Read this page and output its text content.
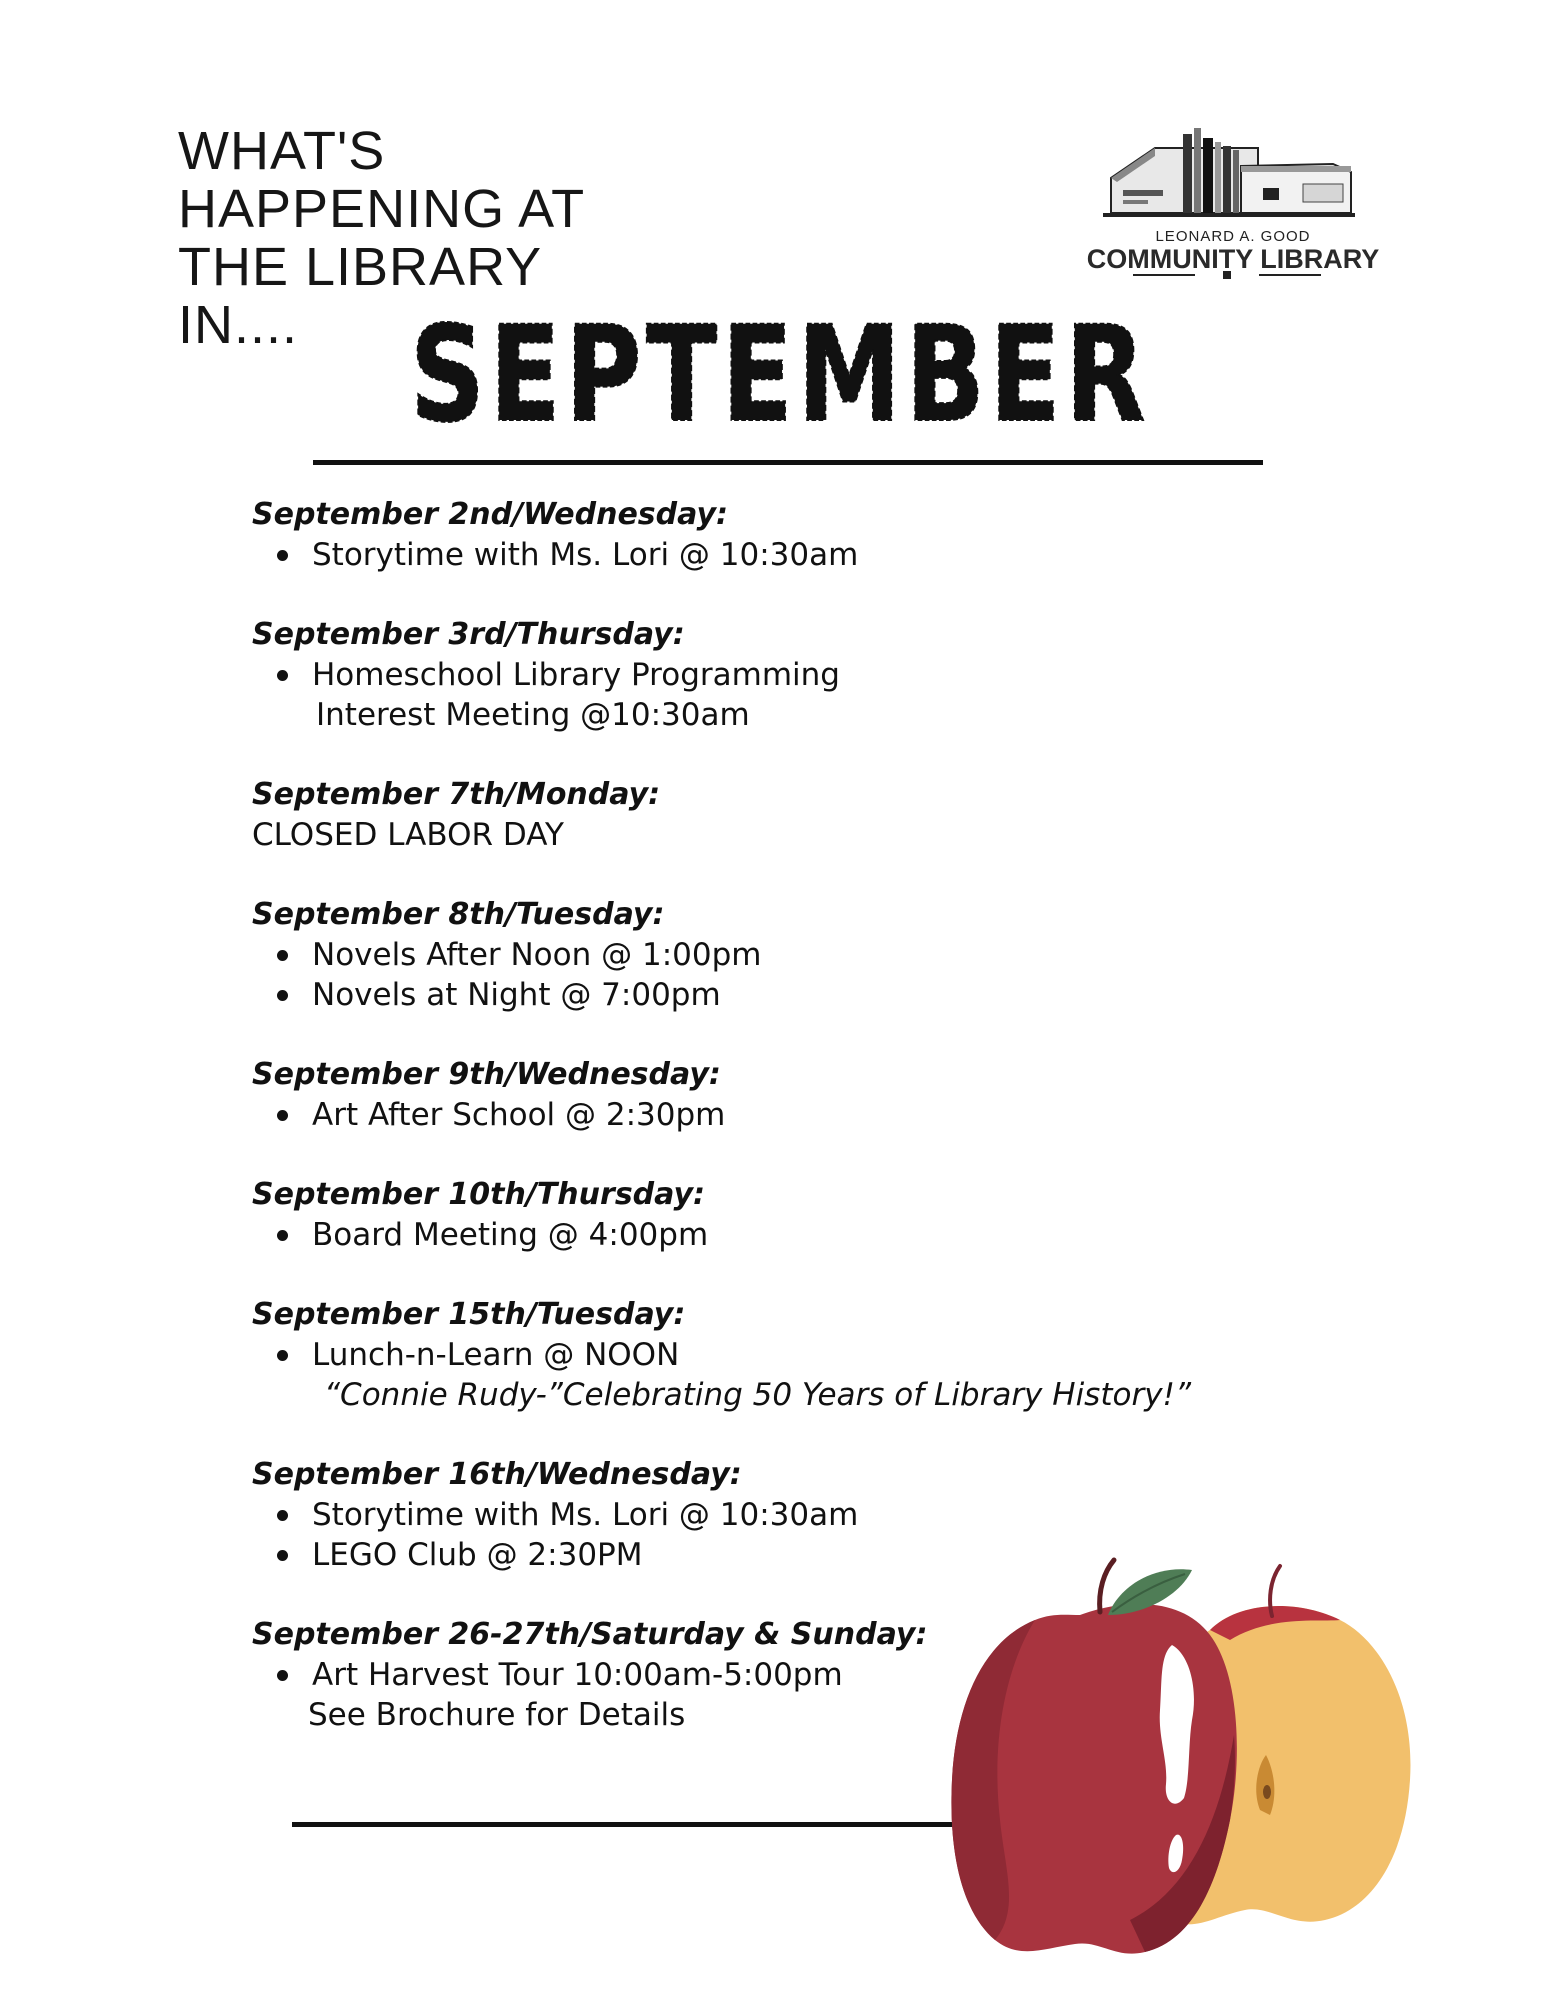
WHAT'S
HAPPENING AT
THE LIBRARY
IN.... SEPTEMBER
LEONARD A. GOOD
COMMUNITY LIBRARY
September 2nd/Wednesday:
Storytime with Ms. Lori @ 10:30am
September 3rd/Thursday:
Homeschool Library Programming
Interest Meeting @10:30am
September 7th/Monday:
CLOSED LABOR DAY
September 8th/Tuesday:
Novels After Noon @ 1:00pm
Novels at Night @ 7:00pm
September 9th/Wednesday:
Art After School @ 2:30pm
September 10th/Thursday:
Board Meeting @ 4:00pm
September 15th/Tuesday:
Lunch-n-Learn @ NOON
“Connie Rudy-”Celebrating 50 Years of Library History!”
September 16th/Wednesday:
Storytime with Ms. Lori @ 10:30am
LEGO Club @ 2:30PM
September 26-27th/Saturday & Sunday:
Art Harvest Tour 10:00am-5:00pm
See Brochure for Details
